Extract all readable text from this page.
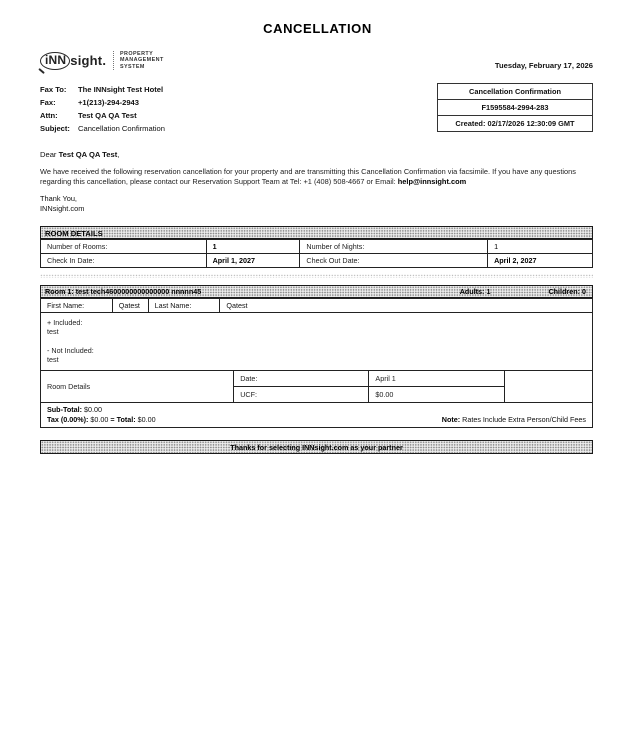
CANCELLATION
iNN sight .	PROPERTY
MANAGEMENT
SYSTEM	Tuesday, February 17, 2026
Fax To:	The INNsight Test Hotel
Fax:	+1(213)-294-2943
Attn:	Test QA QA Test
Subject:	Cancellation Confirmation
Cancellation Confirmation
F1595584-2994-283
Created: 02/17/2026 12:30:09 GMT
Dear Test QA QA Test,
We have received the following reservation cancellation for your property and are transmitting this Cancellation Confirmation via facsimile. If you have any questions regarding this cancellation, please contact our Reservation Support Team at Tel: +1 (408) 508-4667 or Email: help@innsight.com
Thank You,
INNsight.com
ROOM DETAILS
Number of Rooms:	1	Number of Nights:	1
Check In Date:	April 1, 2027	Check Out Date:	April 2, 2027
Room 1: test tech4600000000000000 nnnnn45	Adults: 1	Children: 0
First Name:	Qatest	Last Name:	Qatest
+ Included:
test
- Not Included:
test
Room Details	Date:	April 1	
	UCF:	$0.00	
Sub-Total: $0.00
Tax (0.00%): $0.00 = Total: $0.00	Note: Rates Include Extra Person/Child Fees
Thanks for selecting INNsight.com as your partner
